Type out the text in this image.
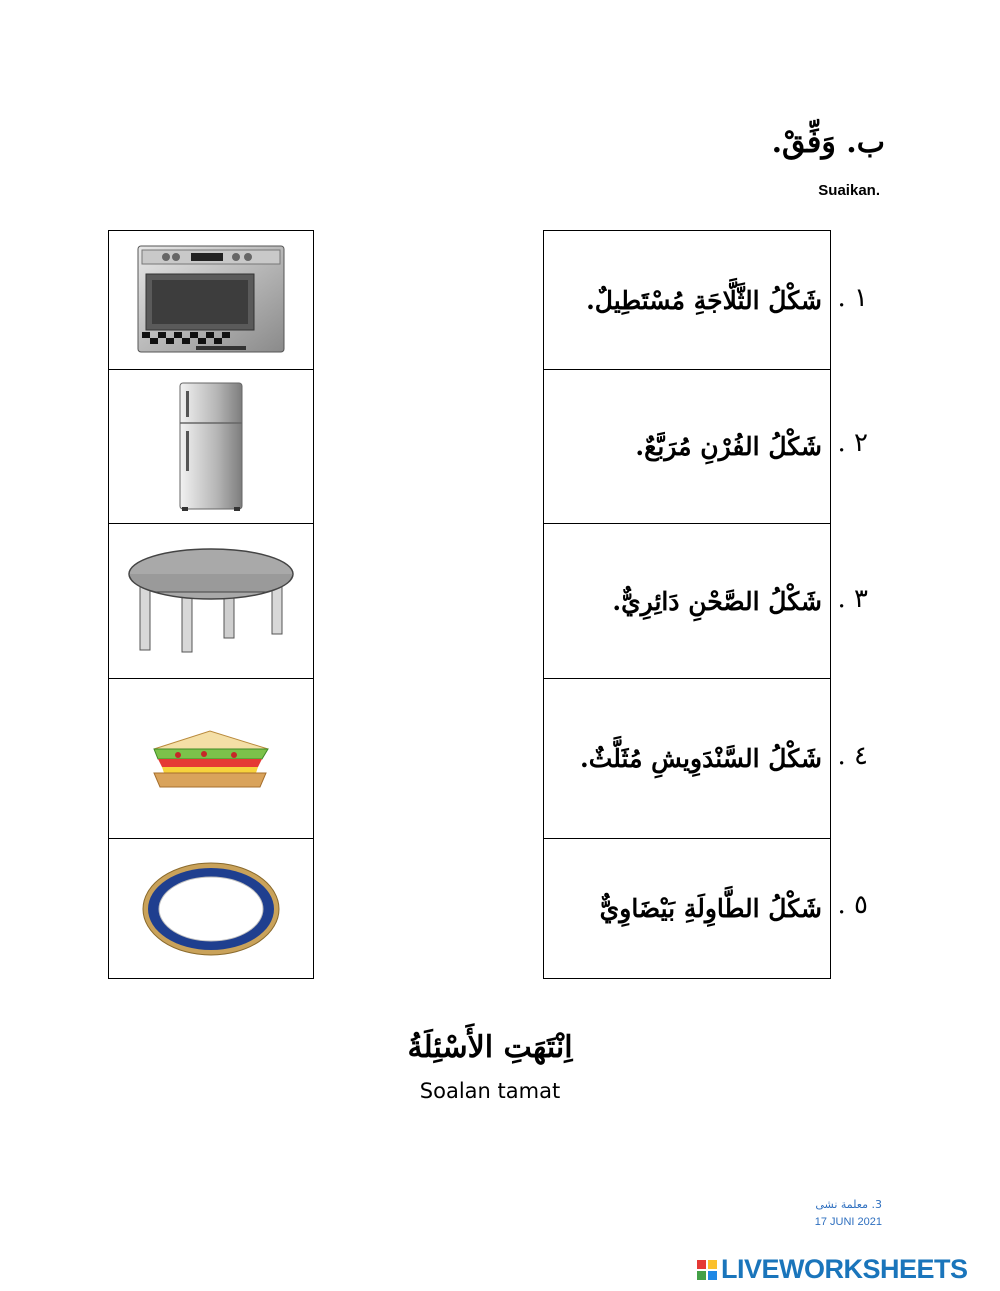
ب. وَفِّقْ.
Suaikan.
شَكْلُ الثَّلَّاجَةِ مُسْتَطِيلٌ.
شَكْلُ الفُرْنِ مُرَبَّعٌ.
شَكْلُ الصَّحْنِ دَائِرِيٌّ.
شَكْلُ السَّنْدَوِيشِ مُثَلَّثٌ.
شَكْلُ الطَّاوِلَةِ بَيْضَاوِيٌّ
١ .
٢ .
٣ .
٤ .
٥ .
اِنْتَهَتِ الأَسْئِلَةُ
Soalan tamat
3. معلمة نشى
17 JUNI 2021
LIVEWORKSHEETS
